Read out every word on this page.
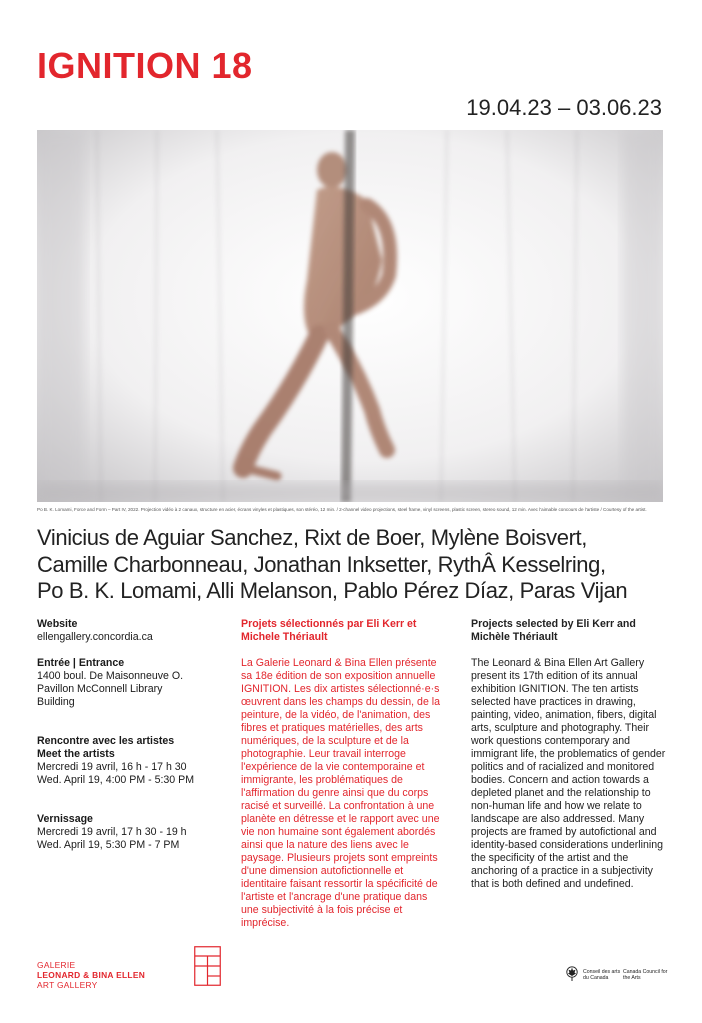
IGNITION 18
19.04.23 – 03.06.23
Po B. K. Lomami, Force and Form – Part IV, 2022. Projection vidéo à 2 canaux, structure en acier, écrans vinyles et plastiques, son stéréo, 12 min. / 2-channel video projections, steel frame, vinyl screens, plastic screen, stereo sound, 12 min. Avec l'aimable concours de l'artiste / Courtesy of the artist.
Vinicius de Aguiar Sanchez, Rixt de Boer, Mylène Boisvert,
Camille Charbonneau, Jonathan Inksetter, RythÂ Kesselring,
Po B. K. Lomami, Alli Melanson, Pablo Pérez Díaz, Paras Vijan
Website
ellengallery.concordia.ca
Entrée | Entrance
1400 boul. De Maisonneuve O.
Pavillon McConnell Library
Building
Rencontre avec les artistes
Meet the artists
Mercredi 19 avril, 16 h - 17 h 30
Wed. April 19, 4:00 PM - 5:30 PM
Vernissage
Mercredi 19 avril, 17 h 30 - 19 h
Wed. April 19, 5:30 PM - 7 PM
Projets sélectionnés par Eli Kerr et Michele Thériault
La Galerie Leonard & Bina Ellen présente sa 18e édition de son exposition annuelle IGNITION. Les dix artistes sélectionné·e·s œuvrent dans les champs du dessin, de la peinture, de la vidéo, de l'animation, des fibres et pratiques matérielles, des arts numériques, de la sculpture et de la photographie. Leur travail interroge l'expérience de la vie contemporaine et immigrante, les problématiques de l'affirmation du genre ainsi que du corps racisé et surveillé. La confrontation à une planète en détresse et le rapport avec une vie non humaine sont également abordés ainsi que la nature des liens avec le paysage. Plusieurs projets sont empreints d'une dimension autofictionnelle et identitaire faisant ressortir la spécificité de l'artiste et l'ancrage d'une pratique dans une subjectivité à la fois précise et imprécise.
Projects selected by Eli Kerr and Michèle Thériault
The Leonard & Bina Ellen Art Gallery present its 17th edition of its annual exhibition IGNITION. The ten artists selected have practices in drawing, painting, video, animation, fibers, digital arts, sculpture and photography. Their work questions contemporary and immigrant life, the problematics of gender politics and of racialized and monitored bodies. Concern and action towards a depleted planet and the relationship to non-human life and how we relate to landscape are also addressed. Many projects are framed by autofictional and identity-based considerations underlining the specificity of the artist and the anchoring of a practice in a subjectivity that is both defined and undefined.
GALERIE
LEONARD & BINA ELLEN
ART GALLERY
Conseil des arts du Canada
Canada Council for the Arts
